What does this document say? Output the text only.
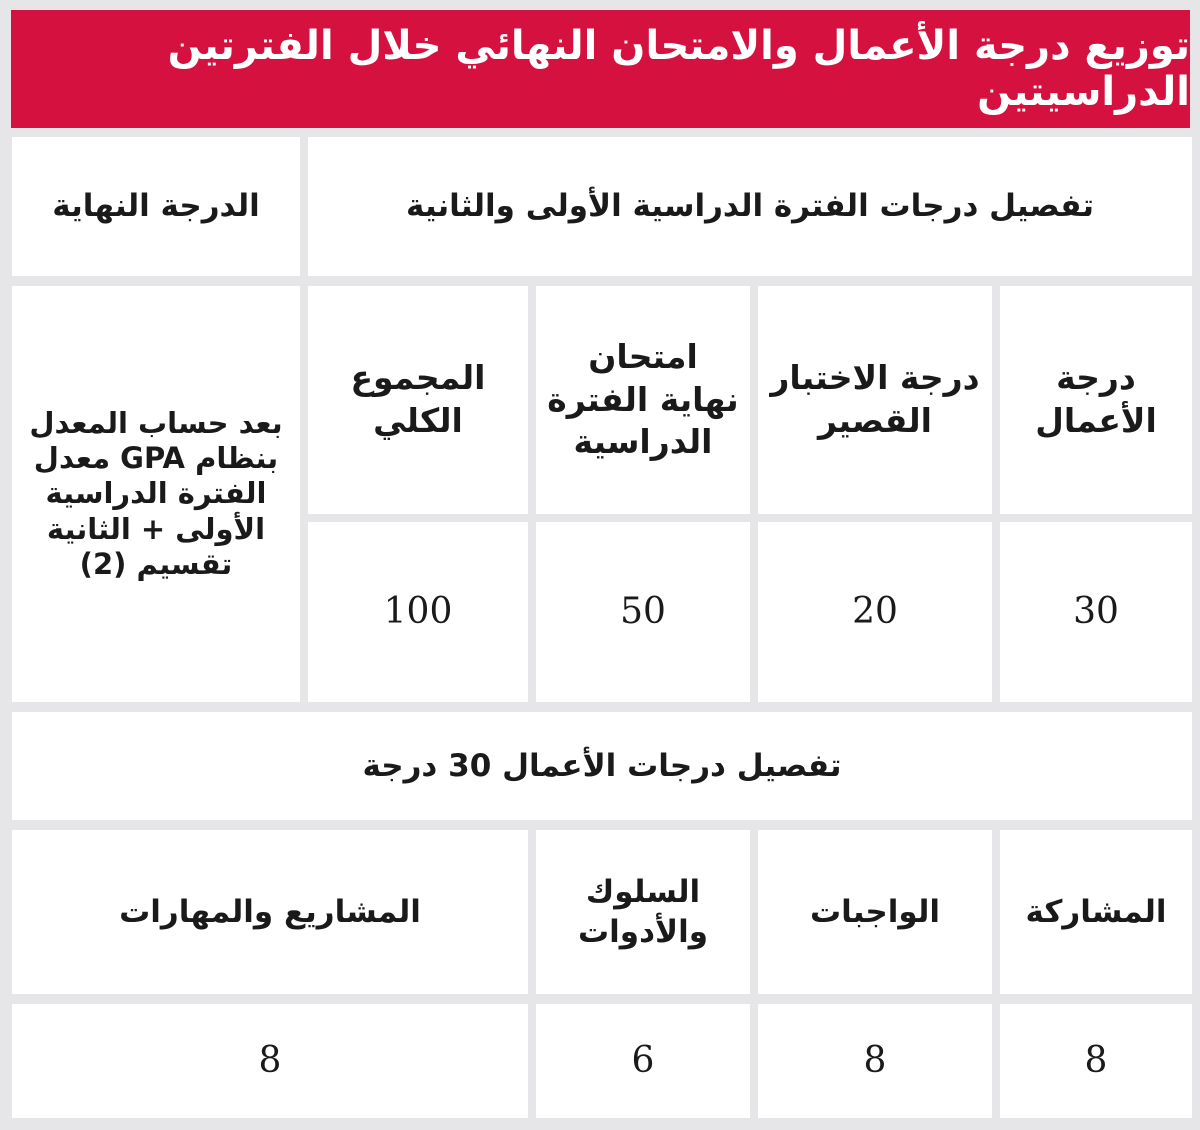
توزيع درجة الأعمال والامتحان النهائي خلال الفترتين الدراسيتين
تفصيل درجات الفترة الدراسية الأولى والثانية
الدرجة النهاية
درجة الأعمال
درجة الاختبار القصير
امتحان نهاية الفترة الدراسية
المجموع الكلي
30
20
50
100
بعد حساب المعدل بنظام GPA معدل الفترة الدراسية الأولى + الثانية تقسيم (2)
تفصيل درجات الأعمال 30 درجة
المشاركة
الواجبات
السلوك والأدوات
المشاريع والمهارات
8
8
6
8
